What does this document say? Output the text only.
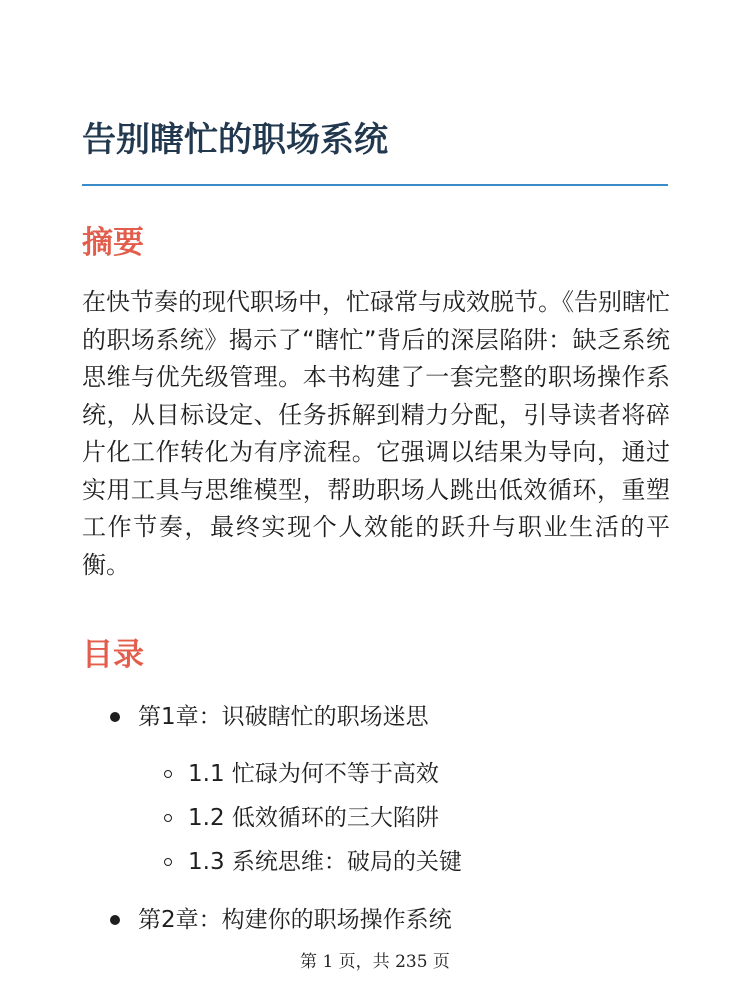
告别瞎忙的职场系统
摘要

在快节奏的现代职场中，忙碌常与成效脱节。《告别瞎忙的职场系统》揭示了“瞎忙”背后的深层陷阱：缺乏系统思维与优先级管理。本书构建了一套完整的职场操作系统，从目标设定、任务拆解到精力分配，引导读者将碎片化工作转化为有序流程。它强调以结果为导向，通过实用工具与思维模型，帮助职场人跳出低效循环，重塑工作节奏，最终实现个人效能的跃升与职业生活的平衡。

目录
第1章：识破瞎忙的职场迷思
1.1 忙碌为何不等于高效
1.2 低效循环的三大陷阱
1.3 系统思维：破局的关键
第2章：构建你的职场操作系统
第 1 页，共 235 页
